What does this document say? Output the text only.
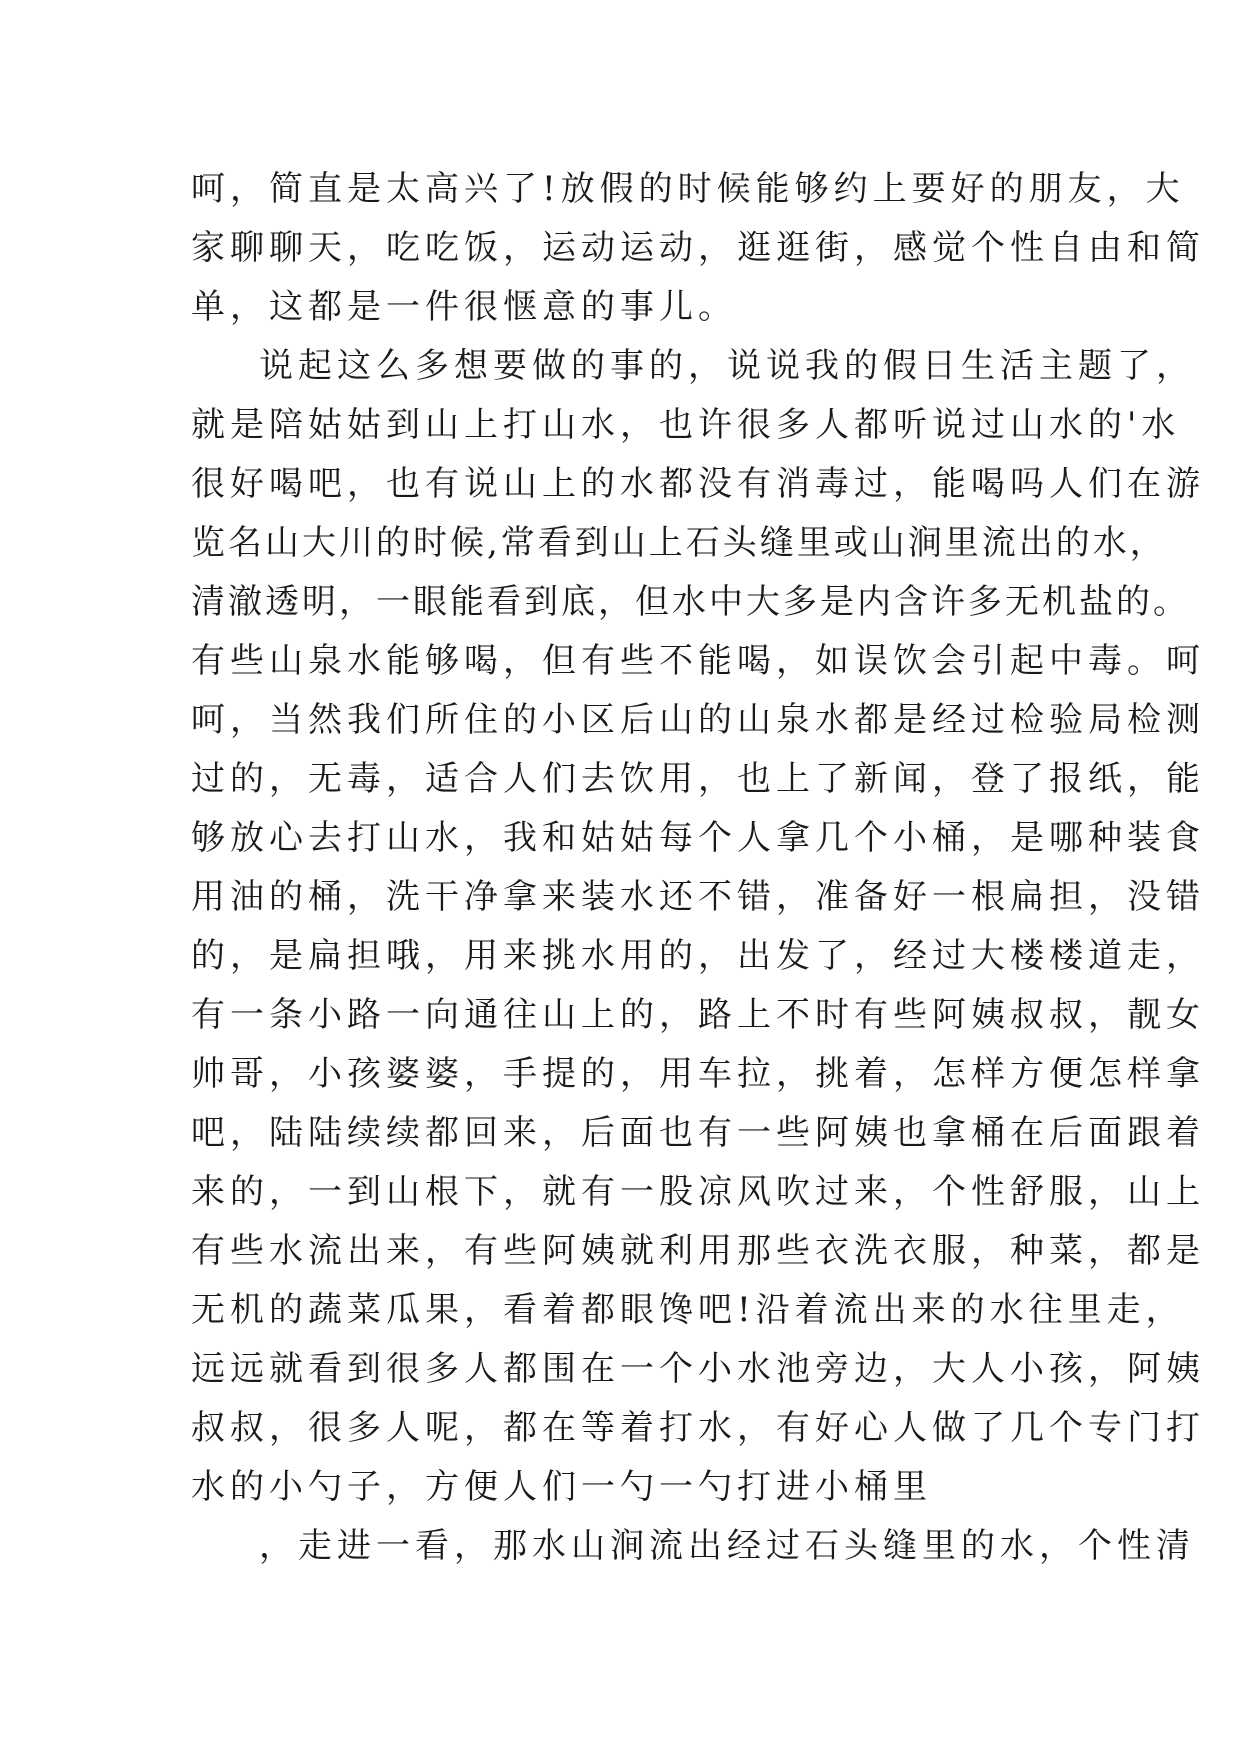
呵，简直是太高兴了!放假的时候能够约上要好的朋友，大
家聊聊天，吃吃饭，运动运动，逛逛街，感觉个性自由和简
单，这都是一件很惬意的事儿。
说起这么多想要做的事的，说说我的假日生活主题了，
就是陪姑姑到山上打山水，也许很多人都听说过山水的'水
很好喝吧，也有说山上的水都没有消毒过，能喝吗人们在游
览名山大川的时候,常看到山上石头缝里或山涧里流出的水，
清澈透明，一眼能看到底，但水中大多是内含许多无机盐的。
有些山泉水能够喝，但有些不能喝，如误饮会引起中毒。呵
呵，当然我们所住的小区后山的山泉水都是经过检验局检测
过的，无毒，适合人们去饮用，也上了新闻，登了报纸，能
够放心去打山水，我和姑姑每个人拿几个小桶，是哪种装食
用油的桶，洗干净拿来装水还不错，准备好一根扁担，没错
的，是扁担哦，用来挑水用的，出发了，经过大楼楼道走，
有一条小路一向通往山上的，路上不时有些阿姨叔叔，靓女
帅哥，小孩婆婆，手提的，用车拉，挑着，怎样方便怎样拿
吧，陆陆续续都回来，后面也有一些阿姨也拿桶在后面跟着
来的，一到山根下，就有一股凉风吹过来，个性舒服，山上
有些水流出来，有些阿姨就利用那些衣洗衣服，种菜，都是
无机的蔬菜瓜果，看着都眼馋吧!沿着流出来的水往里走，
远远就看到很多人都围在一个小水池旁边，大人小孩，阿姨
叔叔，很多人呢，都在等着打水，有好心人做了几个专门打
水的小勺子，方便人们一勺一勺打进小桶里
，走进一看，那水山涧流出经过石头缝里的水，个性清
